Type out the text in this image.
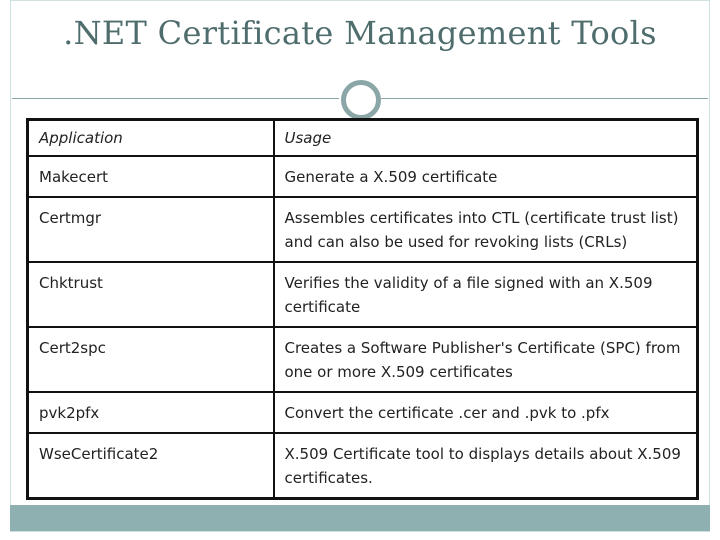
.NET Certificate Management Tools
Application	Usage
Makecert	Generate a X.509 certificate
Certmgr	Assembles certificates into CTL (certificate trust list) and can also be used for revoking lists (CRLs)
Chktrust	Verifies the validity of a file signed with an X.509 certificate
Cert2spc	Creates a Software Publisher's Certificate (SPC) from one or more X.509 certificates
pvk2pfx	Convert the certificate .cer and .pvk to .pfx
WseCertificate2	X.509 Certificate tool to displays details about X.509 certificates.
